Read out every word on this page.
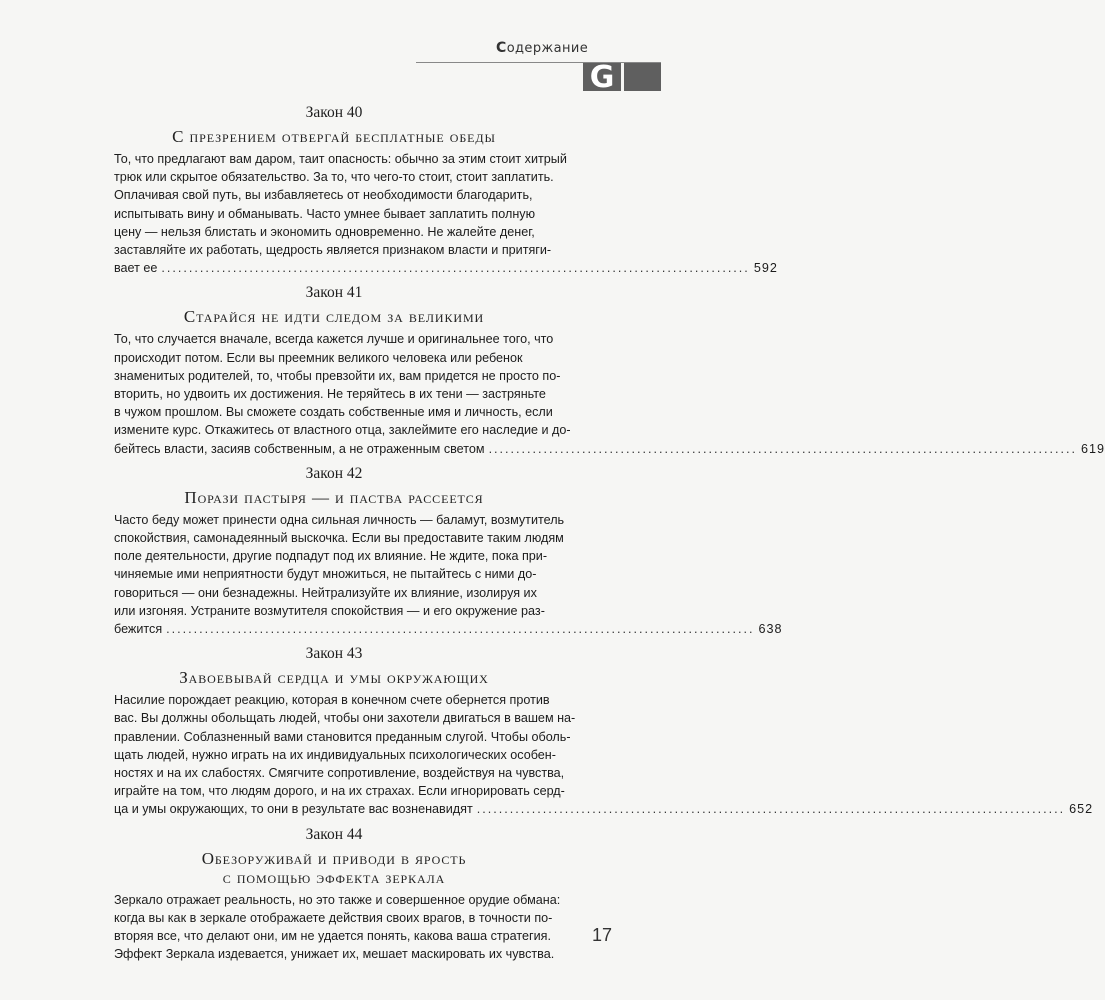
Содержание
G
Закон 40
С презрением отвергай бесплатные обеды
То, что предлагают вам даром, таит опасность: обычно за этим стоит хитрый
трюк или скрытое обязательство. За то, что чего-то стоит, стоит заплатить.
Оплачивая свой путь, вы избавляетесь от необходимости благодарить,
испытывать вину и обманывать. Часто умнее бывает заплатить полную
цену — нельзя блистать и экономить одновременно. Не жалейте денег,
заставляйте их работать, щедрость является признаком власти и притяги-
вает ее ........................................................................................................... 592
Закон 41
Старайся не идти следом за великими
То, что случается вначале, всегда кажется лучше и оригинальнее того, что
происходит потом. Если вы преемник великого человека или ребенок
знаменитых родителей, то, чтобы превзойти их, вам придется не просто по-
вторить, но удвоить их достижения. Не теряйтесь в их тени — застряньте
в чужом прошлом. Вы сможете создать собственные имя и личность, если
измените курс. Откажитесь от властного отца, заклеймите его наследие и до-
бейтесь власти, засияв собственным, а не отраженным светом ........................................................................................................... 619
Закон 42
Порази пастыря — и паства рассеется
Часто беду может принести одна сильная личность — баламут, возмутитель
спокойствия, самонадеянный выскочка. Если вы предоставите таким людям
поле деятельности, другие подпадут под их влияние. Не ждите, пока при-
чиняемые ими неприятности будут множиться, не пытайтесь с ними до-
говориться — они безнадежны. Нейтрализуйте их влияние, изолируя их
или изгоняя. Устраните возмутителя спокойствия — и его окружение раз-
бежится ........................................................................................................... 638
Закон 43
Завоевывай сердца и умы окружающих
Насилие порождает реакцию, которая в конечном счете обернется против
вас. Вы должны обольщать людей, чтобы они захотели двигаться в вашем на-
правлении. Соблазненный вами становится преданным слугой. Чтобы оболь-
щать людей, нужно играть на их индивидуальных психологических особен-
ностях и на их слабостях. Смягчите сопротивление, воздействуя на чувства,
играйте на том, что людям дорого, и на их страхах. Если игнорировать серд-
ца и умы окружающих, то они в результате вас возненавидят ........................................................................................................... 652
Закон 44
Обезоруживай и приводи в ярость
с помощью эффекта зеркала
Зеркало отражает реальность, но это также и совершенное орудие обмана:
когда вы как в зеркале отображаете действия своих врагов, в точности по-
вторяя все, что делают они, им не удается понять, какова ваша стратегия.
Эффект Зеркала издевается, унижает их, мешает маскировать их чувства.
17
